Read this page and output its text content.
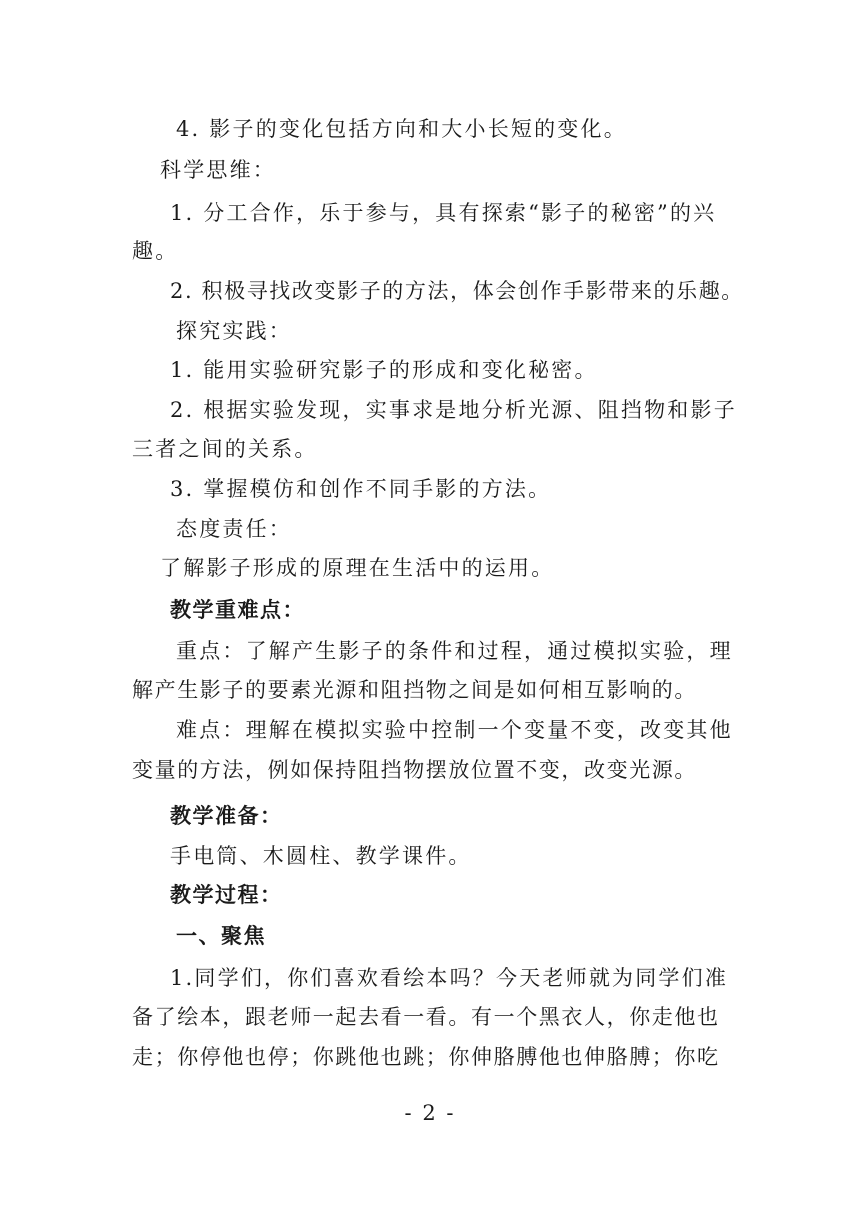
4. 影子的变化包括方向和大小长短的变化。
科学思维：
1. 分工合作，乐于参与，具有探索“影子的秘密”的兴
趣。
2. 积极寻找改变影子的方法，体会创作手影带来的乐趣。
探究实践：
1. 能用实验研究影子的形成和变化秘密。
2. 根据实验发现，实事求是地分析光源、阻挡物和影子
三者之间的关系。
3. 掌握模仿和创作不同手影的方法。
态度责任：
了解影子形成的原理在生活中的运用。
教学重难点：
重点：了解产生影子的条件和过程，通过模拟实验，理
解产生影子的要素光源和阻挡物之间是如何相互影响的。
难点：理解在模拟实验中控制一个变量不变，改变其他
变量的方法，例如保持阻挡物摆放位置不变，改变光源。
教学准备：
手电筒、木圆柱、教学课件。
教学过程：
一、聚焦
1.同学们，你们喜欢看绘本吗？今天老师就为同学们准
备了绘本，跟老师一起去看一看。有一个黑衣人，你走他也
走；你停他也停；你跳他也跳；你伸胳膊他也伸胳膊；你吃
- 2 -
